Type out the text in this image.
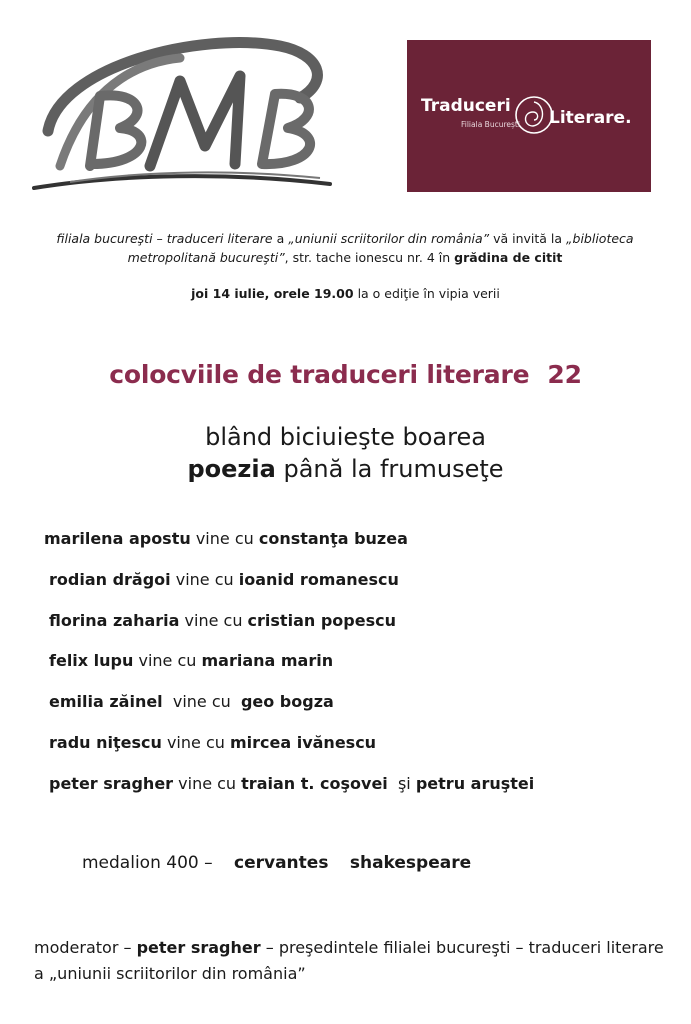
BMB
Traduceri
Literare.
Filiala București
filiala bucureşti – traduceri literare a „uniunii scriitorilor din românia” vă invită la „biblioteca metropolitană bucureşti”, str. tache ionescu nr. 4 în grădina de citit
joi 14 iulie, orele 19.00 la o ediţie în vipia verii
colocviile de traduceri literare 22
blând biciuieşte boarea
poezia până la frumuseţe
marilena apostu vine cu constanţa buzea
rodian drăgoi vine cu ioanid romanescu
florina zaharia vine cu cristian popescu
felix lupu vine cu mariana marin
emilia zăinel  vine cu  geo bogza
radu niţescu vine cu mircea ivănescu
peter sragher vine cu traian t. coşovei  şi petru aruştei
medalion 400 – cervantes shakespeare
moderator – peter sragher – preşedintele filialei bucureşti – traduceri literare
a „uniunii scriitorilor din românia”
